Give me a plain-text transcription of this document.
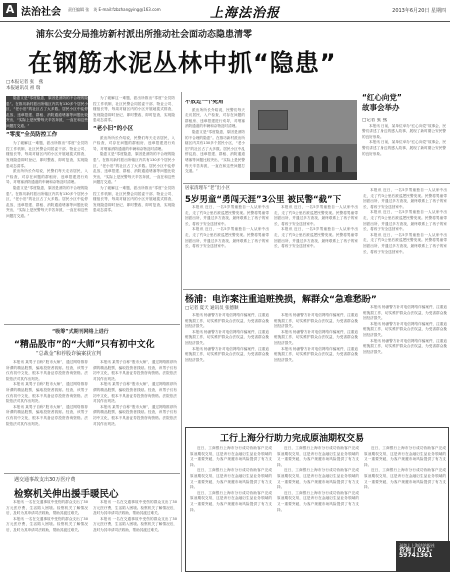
A 法治社会 责任编辑 张　英 E-mail:fzbzhangying@163.com	上海法治报	2013年6月20日 星期四
浦东公安分局推坊新村派出所推动社会面动态隐患清零
在钢筋水泥丛林中抓“隐患”
□本报记者 张　燕
本报通讯员 祖 瑞

隐患又是“零度隐患，原因是消防的不合理的隐患”。在推坊新村派出所辖区内共有130多个居民小区，“老小旧”的社区占了大多数。居民小区中乱停乱放、违章搭建、群租、消防通道堵塞等问题比较突出，“实际上是民警每天辛苦奔波，一直在和这些问题打交道。”

“零度”全员防控工作

为了破解这一难题，派出所推出“零度”全员防控工作机制，社区民警会同居委干部、物业公司、楼组长等，每周对辖区内的小区开展地毯式排查，发现隐患即时登记、即时整改、即时复查，实现隐患动态清零。

派出所所长介绍说，民警们每天走访居民，入户检查，对存在问题的群租房、违章搭建进行劝导，对堵塞消防通道的车辆和杂物及时清理。

隐患又是“零度隐患，原因是消防的不合理的隐患”。在推坊新村派出所辖区内共有130多个居民小区，“老小旧”的社区占了大多数。居民小区中乱停乱放、违章搭建、群租、消防通道堵塞等问题比较突出，“实际上是民警每天辛苦奔波，一直在和这些问题打交道。”

为了破解这一难题，派出所推出“零度”全员防控工作机制，社区民警会同居委干部、物业公司、楼组长等，每周对辖区内的小区开展地毯式排查，发现隐患即时登记、即时整改、即时复查，实现隐患动态清零。

“老小旧”的小区

派出所所长介绍说，民警们每天走访居民，入户检查，对存在问题的群租房、违章搭建进行劝导，对堵塞消防通道的车辆和杂物及时清理。

隐患又是“零度隐患，原因是消防的不合理的隐患”。在推坊新村派出所辖区内共有130多个居民小区，“老小旧”的社区占了大多数。居民小区中乱停乱放、违章搭建、群租、消防通道堵塞等问题比较突出，“实际上是民警每天辛苦奔波，一直在和这些问题打交道。”

为了破解这一难题，派出所推出“零度”全员防控工作机制，社区民警会同居委干部、物业公司、楼组长等，每周对辖区内的小区开展地毯式排查，发现隐患即时登记、即时整改、即时复查，实现隐患动态清零。

不放过一个死角

派出所所长介绍说，民警们每天走访居民，入户检查，对存在问题的群租房、违章搭建进行劝导，对堵塞消防通道的车辆和杂物及时清理。

隐患又是“零度隐患，原因是消防的不合理的隐患”。在推坊新村派出所辖区内共有130多个居民小区，“老小旧”的社区占了大多数。居民小区中乱停乱放、违章搭建、群租、消防通道堵塞等问题比较突出，“实际上是民警每天辛苦奔波，一直在和这些问题打交道。”

“红心向党”
故事会举办
□记者 张 燕

本报讯 日前，某单位举办“红心向党”故事会，民警们讲述了身边的感人故事，展现了新时期公安民警的良好形象。

本报讯 日前，某单位举办“红心向党”故事会，民警们讲述了身边的感人故事，展现了新时期公安民警的良好形象。

居家清理车“老”出小区
5岁男童“勇闯天涯”3公里 被民警“截”下

本报讯 近日，一名5岁男童独自一人从家中出走，走了约3公里后被巡逻民警发现。民警将男童带回派出所，并通过多方查找，最终联系上了孩子的家长，将孩子安全送回家中。

本报讯 近日，一名5岁男童独自一人从家中出走，走了约3公里后被巡逻民警发现。民警将男童带回派出所，并通过多方查找，最终联系上了孩子的家长，将孩子安全送回家中。

本报讯 近日，一名5岁男童独自一人从家中出走，走了约3公里后被巡逻民警发现。民警将男童带回派出所，并通过多方查找，最终联系上了孩子的家长，将孩子安全送回家中。

本报讯 近日，一名5岁男童独自一人从家中出走，走了约3公里后被巡逻民警发现。民警将男童带回派出所，并通过多方查找，最终联系上了孩子的家长，将孩子安全送回家中。

本报讯 近日，一名5岁男童独自一人从家中出走，走了约3公里后被巡逻民警发现。民警将男童带回派出所，并通过多方查找，最终联系上了孩子的家长，将孩子安全送回家中。

本报讯 近日，一名5岁男童独自一人从家中出走，走了约3公里后被巡逻民警发现。民警将男童带回派出所，并通过多方查找，最终联系上了孩子的家长，将孩子安全送回家中。

本报讯 近日，一名5岁男童独自一人从家中出走，走了约3公里后被巡逻民警发现。民警将男童带回派出所，并通过多方查找，最终联系上了孩子的家长，将孩子安全送回家中。

杨浦：电诈案注重追赃挽损，解群众“急难愁盼”
□记者 夏天 通讯员 张德顺

本报讯 杨浦警方针对电信网络诈骗案件，注重追赃挽损工作，切实维护群众合法权益，为受害群众挽回经济损失。

本报讯 杨浦警方针对电信网络诈骗案件，注重追赃挽损工作，切实维护群众合法权益，为受害群众挽回经济损失。

本报讯 杨浦警方针对电信网络诈骗案件，注重追赃挽损工作，切实维护群众合法权益，为受害群众挽回经济损失。

本报讯 杨浦警方针对电信网络诈骗案件，注重追赃挽损工作，切实维护群众合法权益，为受害群众挽回经济损失。

本报讯 杨浦警方针对电信网络诈骗案件，注重追赃挽损工作，切实维护群众合法权益，为受害群众挽回经济损失。

本报讯 杨浦警方针对电信网络诈骗案件，注重追赃挽损工作，切实维护群众合法权益，为受害群众挽回经济损失。

本报讯 杨浦警方针对电信网络诈骗案件，注重追赃挽损工作，切实维护群众合法权益，为受害群众挽回经济损失。

本报讯 杨浦警方针对电信网络诈骗案件，注重追赃挽损工作，切实维护群众合法权益，为受害群众挽回经济损失。

本报讯 杨浦警方针对电信网络诈骗案件，注重追赃挽损工作，切实维护群众合法权益，为受害群众挽回经济损失。

“吸筹”式期刊网络上进行
“精品股市”的“大师”只有初中文化
“总裁金”和荐股诈骗案获宣判

本报讯 某男子自称“股市大师”，通过网络推荐所谓的精品股票，骗取投资者钱财。经查，该男子仅有初中文化，根本不具备证券投资咨询资格。法院依法对其作出判决。

本报讯 某男子自称“股市大师”，通过网络推荐所谓的精品股票，骗取投资者钱财。经查，该男子仅有初中文化，根本不具备证券投资咨询资格。法院依法对其作出判决。

本报讯 某男子自称“股市大师”，通过网络推荐所谓的精品股票，骗取投资者钱财。经查，该男子仅有初中文化，根本不具备证券投资咨询资格。法院依法对其作出判决。

本报讯 某男子自称“股市大师”，通过网络推荐所谓的精品股票，骗取投资者钱财。经查，该男子仅有初中文化，根本不具备证券投资咨询资格。法院依法对其作出判决。

本报讯 某男子自称“股市大师”，通过网络推荐所谓的精品股票，骗取投资者钱财。经查，该男子仅有初中文化，根本不具备证券投资咨询资格。法院依法对其作出判决。

本报讯 某男子自称“股市大师”，通过网络推荐所谓的精品股票，骗取投资者钱财。经查，该男子仅有初中文化，根本不具备证券投资咨询资格。法院依法对其作出判决。

遇交通事故支出30万医疗费
检察机关伸出援手暖民心

本报讯 一名在交通事故中受伤的群众支出了30万元医疗费，生活陷入困境。检察机关了解情况后，及时为其申请司法救助，帮助其渡过难关。

本报讯 一名在交通事故中受伤的群众支出了30万元医疗费，生活陷入困境。检察机关了解情况后，及时为其申请司法救助，帮助其渡过难关。

本报讯 一名在交通事故中受伤的群众支出了30万元医疗费，生活陷入困境。检察机关了解情况后，及时为其申请司法救助，帮助其渡过难关。

本报讯 一名在交通事故中受伤的群众支出了30万元医疗费，生活陷入困境。检察机关了解情况后，及时为其申请司法救助，帮助其渡过难关。

工行上海分行助力完成原油期权交易

近日，工商银行上海市分行成功协助客户完成原油期权交易，这是该行在金融衍生品业务领域的又一重要突破，为客户规避市场风险提供了有力支持。

近日，工商银行上海市分行成功协助客户完成原油期权交易，这是该行在金融衍生品业务领域的又一重要突破，为客户规避市场风险提供了有力支持。

近日，工商银行上海市分行成功协助客户完成原油期权交易，这是该行在金融衍生品业务领域的又一重要突破，为客户规避市场风险提供了有力支持。

近日，工商银行上海市分行成功协助客户完成原油期权交易，这是该行在金融衍生品业务领域的又一重要突破，为客户规避市场风险提供了有力支持。

近日，工商银行上海市分行成功协助客户完成原油期权交易，这是该行在金融衍生品业务领域的又一重要突破，为客户规避市场风险提供了有力支持。

近日，工商银行上海市分行成功协助客户完成原油期权交易，这是该行在金融衍生品业务领域的又一重要突破，为客户规避市场风险提供了有力支持。

近日，工商银行上海市分行成功协助客户完成原油期权交易，这是该行在金融衍生品业务领域的又一重要突破，为客户规避市场风险提供了有力支持。

近日，工商银行上海市分行成功协助客户完成原油期权交易，这是该行在金融衍生品业务领域的又一重要突破，为客户规避市场风险提供了有力支持。

刊登 | 上海法治报社
咨询 | 021-59741361
